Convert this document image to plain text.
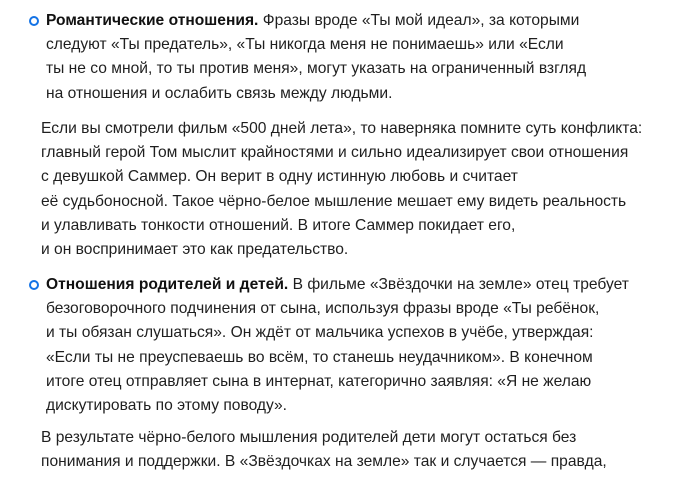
Романтические отношения. Фразы вроде «Ты мой идеал», за которыми
следуют «Ты предатель», «Ты никогда меня не понимаешь» или «Если
ты не со мной, то ты против меня», могут указать на ограниченный взгляд
на отношения и ослабить связь между людьми.
Если вы смотрели фильм «500 дней лета», то наверняка помните суть конфликта:
главный герой Том мыслит крайностями и сильно идеализирует свои отношения
с девушкой Саммер. Он верит в одну истинную любовь и считает
её судьбоносной. Такое чёрно-белое мышление мешает ему видеть реальность
и улавливать тонкости отношений. В итоге Саммер покидает его,
и он воспринимает это как предательство.
Отношения родителей и детей. В фильме «Звёздочки на земле» отец требует
безоговорочного подчинения от сына, используя фразы вроде «Ты ребёнок,
и ты обязан слушаться». Он ждёт от мальчика успехов в учёбе, утверждая:
«Если ты не преуспеваешь во всём, то станешь неудачником». В конечном
итоге отец отправляет сына в интернат, категорично заявляя: «Я не желаю
дискутировать по этому поводу».
В результате чёрно-белого мышления родителей дети могут остаться без
понимания и поддержки. В «Звёздочках на земле» так и случается — правда,
